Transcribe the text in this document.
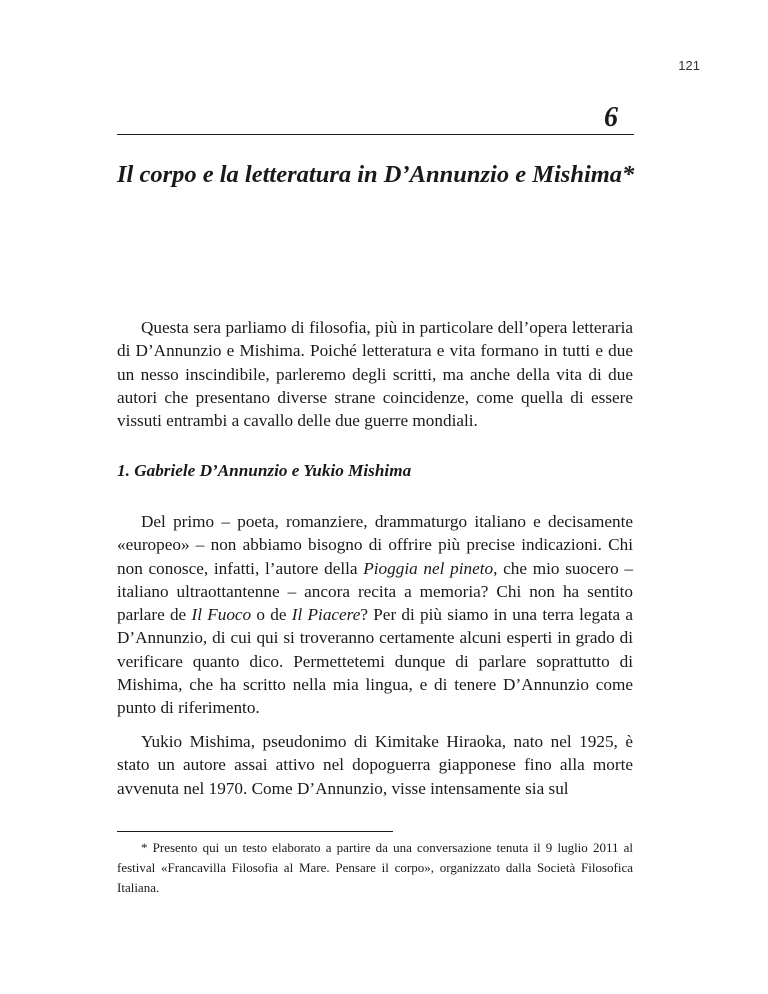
121
6
Il corpo e la letteratura in D’Annunzio e Mishima*

Questa sera parliamo di filosofia, più in particolare dell’opera letteraria di D’Annunzio e Mishima. Poiché letteratura e vita formano in tutti e due un nesso inscindibile, parleremo degli scritti, ma anche della vita di due autori che presentano diverse strane coincidenze, come quella di essere vissuti entrambi a cavallo delle due guerre mondiali.

1. Gabriele D’Annunzio e Yukio Mishima

Del primo – poeta, romanziere, drammaturgo italiano e decisamente «europeo» – non abbiamo bisogno di offrire più precise indicazioni. Chi non conosce, infatti, l’autore della Pioggia nel pineto, che mio suocero – italiano ultraottantenne – ancora recita a memoria? Chi non ha sentito parlare de Il Fuoco o de Il Piacere? Per di più siamo in una terra legata a D’Annunzio, di cui qui si troveranno certamente alcuni esperti in grado di verificare quanto dico. Permettetemi dunque di parlare soprattutto di Mishima, che ha scritto nella mia lingua, e di tenere D’Annunzio come punto di riferimento.

Yukio Mishima, pseudonimo di Kimitake Hiraoka, nato nel 1925, è stato un autore assai attivo nel dopoguerra giapponese fino alla morte avvenuta nel 1970. Come D’Annunzio, visse intensamente sia sul

* Presento qui un testo elaborato a partire da una conversazione tenuta il 9 luglio 2011 al festival «Francavilla Filosofia al Mare. Pensare il corpo», organizzato dalla Società Filosofica Italiana.
